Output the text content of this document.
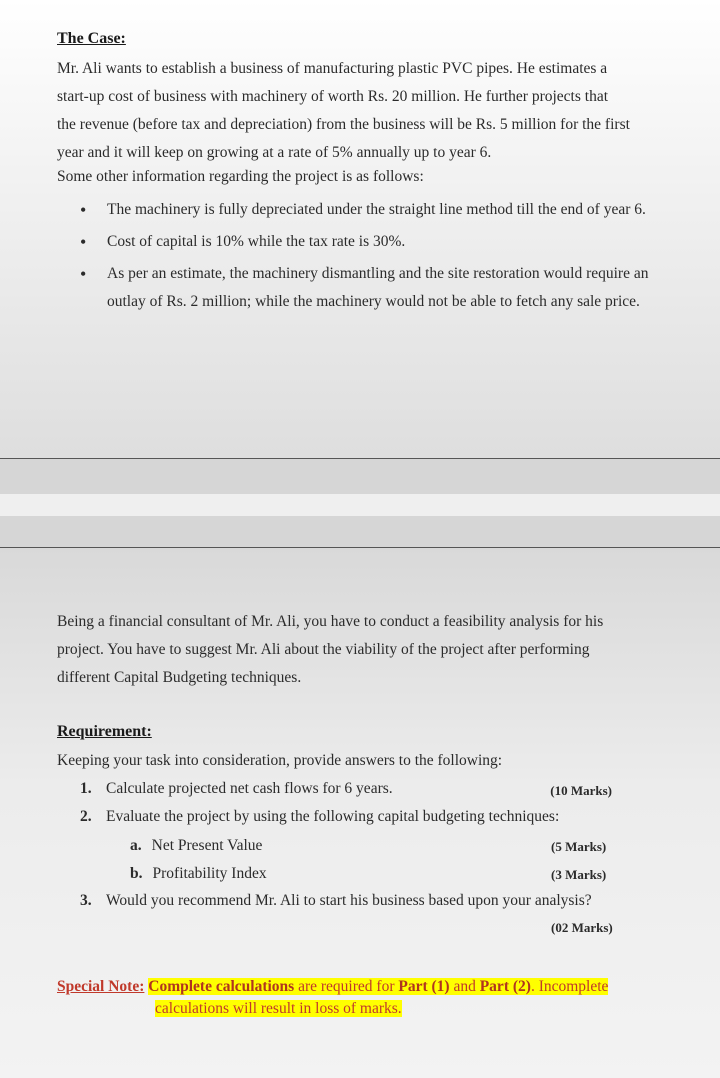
The Case:
Mr. Ali wants to establish a business of manufacturing plastic PVC pipes. He estimates a
start-up cost of business with machinery of worth Rs. 20 million. He further projects that
the revenue (before tax and depreciation) from the business will be Rs. 5 million for the first
year and it will keep on growing at a rate of 5% annually up to year 6.
Some other information regarding the project is as follows:
• The machinery is fully depreciated under the straight line method till the end of year 6.
• Cost of capital is 10% while the tax rate is 30%.
• As per an estimate, the machinery dismantling and the site restoration would require an outlay of Rs. 2 million; while the machinery would not be able to fetch any sale price.
Being a financial consultant of Mr. Ali, you have to conduct a feasibility analysis for his
project. You have to suggest Mr. Ali about the viability of the project after performing
different Capital Budgeting techniques.
Requirement:
Keeping your task into consideration, provide answers to the following:
1. Calculate projected net cash flows for 6 years.	(10 Marks)
2. Evaluate the project by using the following capital budgeting techniques:
a. Net Present Value	(5 Marks)
b. Profitability Index	(3 Marks)
3. Would you recommend Mr. Ali to start his business based upon your analysis?
(02 Marks)
Special Note: Complete calculations are required for Part (1) and Part (2). Incomplete
calculations will result in loss of marks.
